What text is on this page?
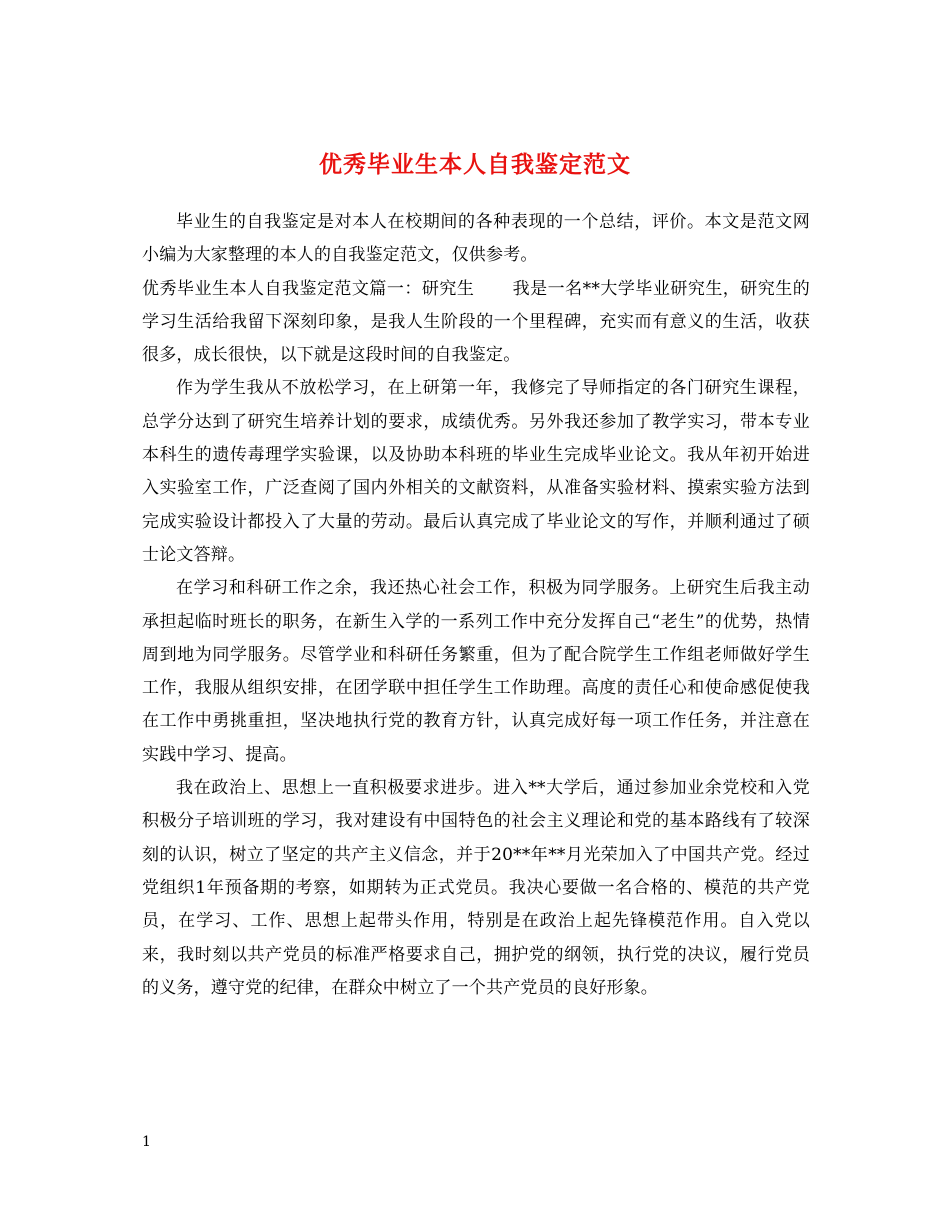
优秀毕业生本人自我鉴定范文

毕业生的自我鉴定是对本人在校期间的各种表现的一个总结，评价。本文是范文网小编为大家整理的本人的自我鉴定范文，仅供参考。

优秀毕业生本人自我鉴定范文篇一：研究生 我是一名**大学毕业研究生，研究生的学习生活给我留下深刻印象，是我人生阶段的一个里程碑，充实而有意义的生活，收获很多，成长很快，以下就是这段时间的自我鉴定。

作为学生我从不放松学习，在上研第一年，我修完了导师指定的各门研究生课程，总学分达到了研究生培养计划的要求，成绩优秀。另外我还参加了教学实习，带本专业本科生的遗传毒理学实验课，以及协助本科班的毕业生完成毕业论文。我从年初开始进入实验室工作，广泛查阅了国内外相关的文献资料，从准备实验材料、摸索实验方法到完成实验设计都投入了大量的劳动。最后认真完成了毕业论文的写作，并顺利通过了硕士论文答辩。

在学习和科研工作之余，我还热心社会工作，积极为同学服务。上研究生后我主动承担起临时班长的职务，在新生入学的一系列工作中充分发挥自己“老生”的优势，热情周到地为同学服务。尽管学业和科研任务繁重，但为了配合院学生工作组老师做好学生工作，我服从组织安排，在团学联中担任学生工作助理。高度的责任心和使命感促使我在工作中勇挑重担，坚决地执行党的教育方针，认真完成好每一项工作任务，并注意在实践中学习、提高。

我在政治上、思想上一直积极要求进步。进入**大学后，通过参加业余党校和入党积极分子培训班的学习，我对建设有中国特色的社会主义理论和党的基本路线有了较深刻的认识，树立了坚定的共产主义信念，并于20**年**月光荣加入了中国共产党。经过党组织1年预备期的考察，如期转为正式党员。我决心要做一名合格的、模范的共产党员，在学习、工作、思想上起带头作用，特别是在政治上起先锋模范作用。自入党以来，我时刻以共产党员的标准严格要求自己，拥护党的纲领，执行党的决议，履行党员的义务，遵守党的纪律，在群众中树立了一个共产党员的良好形象。

1
